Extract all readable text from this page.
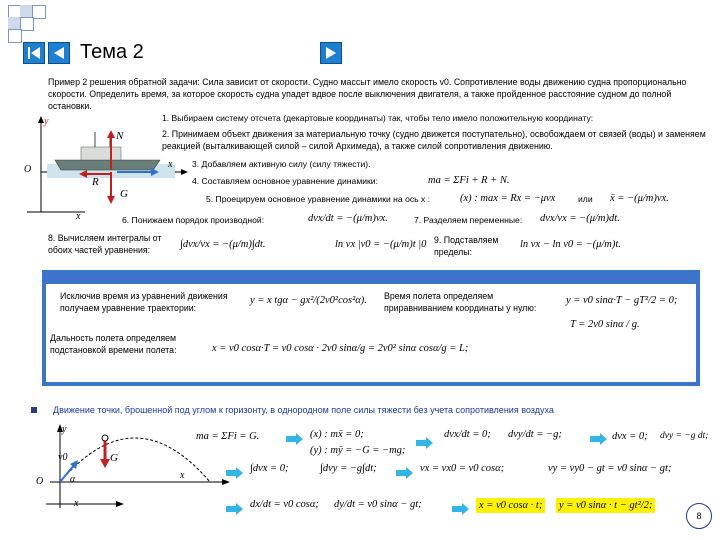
Тема 2
Пример 2 решения обратной задачи: Сила зависит от скорости. Судно массыт имело скорость v0. Сопротивление воды движению судна пропорционально скорости. Определить время, за которое скорость судна упадет вдвое после выключения двигателя, а также пройденное расстояние судном до полной остановки.
y
N
x
O
R
G
x
1. Выбираем систему отсчета (декартовые координаты) так, чтобы тело имело положительную координату:
2. Принимаем объект движения за материальную точку (судно движется поступательно), освобождаем от связей (воды) и заменяем реакцией (выталкивающей силой – силой Архимеда), а также силой сопротивления движению.
3. Добавляем активную силу (силу тяжести).
4. Составляем основное уравнение динамики:	ma = ΣFi + R + N.
5. Проецируем основное уравнение динамики на ось x :	(x) : max = Rx = −μvx	или ẍ = −(μ/m)vx.
6. Понижаем порядок производной:	dvx/dt = −(μ/m)vx.	7. Разделяем переменные: dvx/vx = −(μ/m)dt.
8. Вычисляем интегралы от обоих частей уравнения:	∫dvx/vx = −(μ/m)∫dt.	ln vx |v0 = −(μ/m)t |0 9. Подставляем пределы:
ln vx − ln v0 = −(μ/m)t.
Исключив время из уравнений движения получаем уравнение траектории:
y = x tgα − gx²/(2v0²cos²α). Время полета определяем приравниванием координаты y нулю:
y = v0 sinα·T − gT²/2 = 0;
T = 2v0 sinα / g.
Дальность полета определяем подстановкой времени полета:	x = v0 cosα·T = v0 cosα · 2v0 sinα/g = 2v0² sinα cosα/g = L;
Движение точки, брошенной под углом к горизонту, в однородном поле силы тяжести без учета сопротивления воздуха
y
v0	G
x
O	α
x
ma = ΣFi = G.	(x) : mẍ = 0;
(y) : mÿ = −G = −mg;
dvx/dt = 0; dvy/dt = −g;	dvx = 0; dvy = −g dt;
∫dvx = 0;	∫dvy = −g∫dt;	vx = vx0 = v0 cosα;	vy = vy0 − gt = v0 sinα − gt;
dx/dt = v0 cosα; dy/dt = v0 sinα − gt;	x = v0 cosα · t; y = v0 sinα · t − gt²/2;
8
